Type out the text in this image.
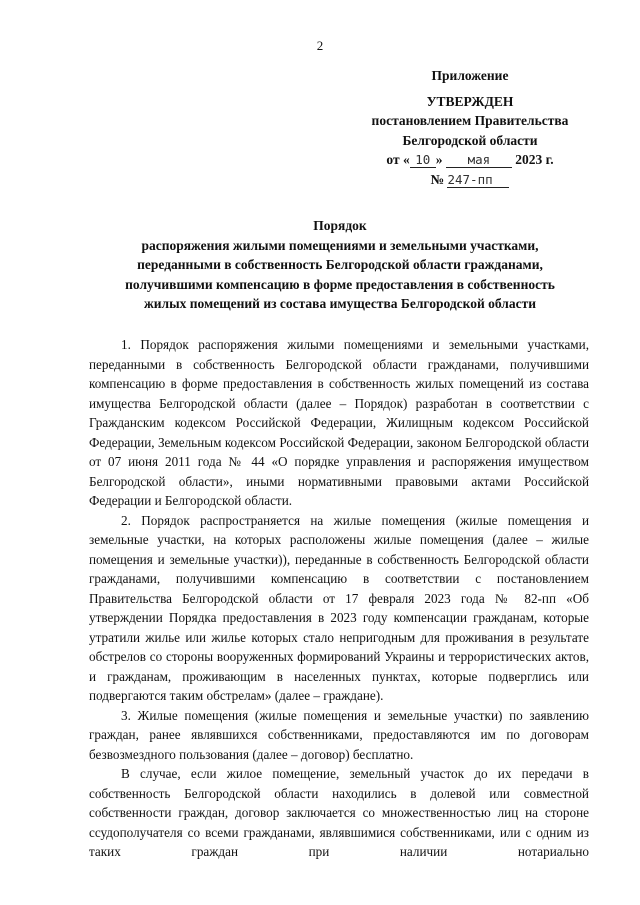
2
Приложение
УТВЕРЖДЕН
постановлением Правительства
Белгородской области
от « 10 » мая 2023 г.
№ 247-пп
Порядок
распоряжения жилыми помещениями и земельными участками,
переданными в собственность Белгородской области гражданами,
получившими компенсацию в форме предоставления в собственность
жилых помещений из состава имущества Белгородской области

1. Порядок распоряжения жилыми помещениями и земельными участками, переданными в собственность Белгородской области гражданами, получившими компенсацию в форме предоставления в собственность жилых помещений из состава имущества Белгородской области (далее – Порядок) разработан в соответствии с Гражданским кодексом Российской Федерации, Жилищным кодексом Российской Федерации, Земельным кодексом Российской Федерации, законом Белгородской области от 07 июня 2011 года № 44 «О порядке управления и распоряжения имуществом Белгородской области», иными нормативными правовыми актами Российской Федерации и Белгородской области.

2. Порядок распространяется на жилые помещения (жилые помещения и земельные участки, на которых расположены жилые помещения (далее – жилые помещения и земельные участки)), переданные в собственность Белгородской области гражданами, получившими компенсацию в соответствии с постановлением Правительства Белгородской области от 17 февраля 2023 года № 82-пп «Об утверждении Порядка предоставления в 2023 году компенсации гражданам, которые утратили жилье или жилье которых стало непригодным для проживания в результате обстрелов со стороны вооруженных формирований Украины и террористических актов, и гражданам, проживающим в населенных пунктах, которые подверглись или подвергаются таким обстрелам» (далее – граждане).

3. Жилые помещения (жилые помещения и земельные участки) по заявлению граждан, ранее являвшихся собственниками, предоставляются им по договорам безвозмездного пользования (далее – договор) бесплатно.

В случае, если жилое помещение, земельный участок до их передачи в собственность Белгородской области находились в долевой или совместной собственности граждан, договор заключается со множественностью лиц на стороне ссудополучателя со всеми гражданами, являвшимися собственниками, или с одним из таких граждан при наличии нотариально
